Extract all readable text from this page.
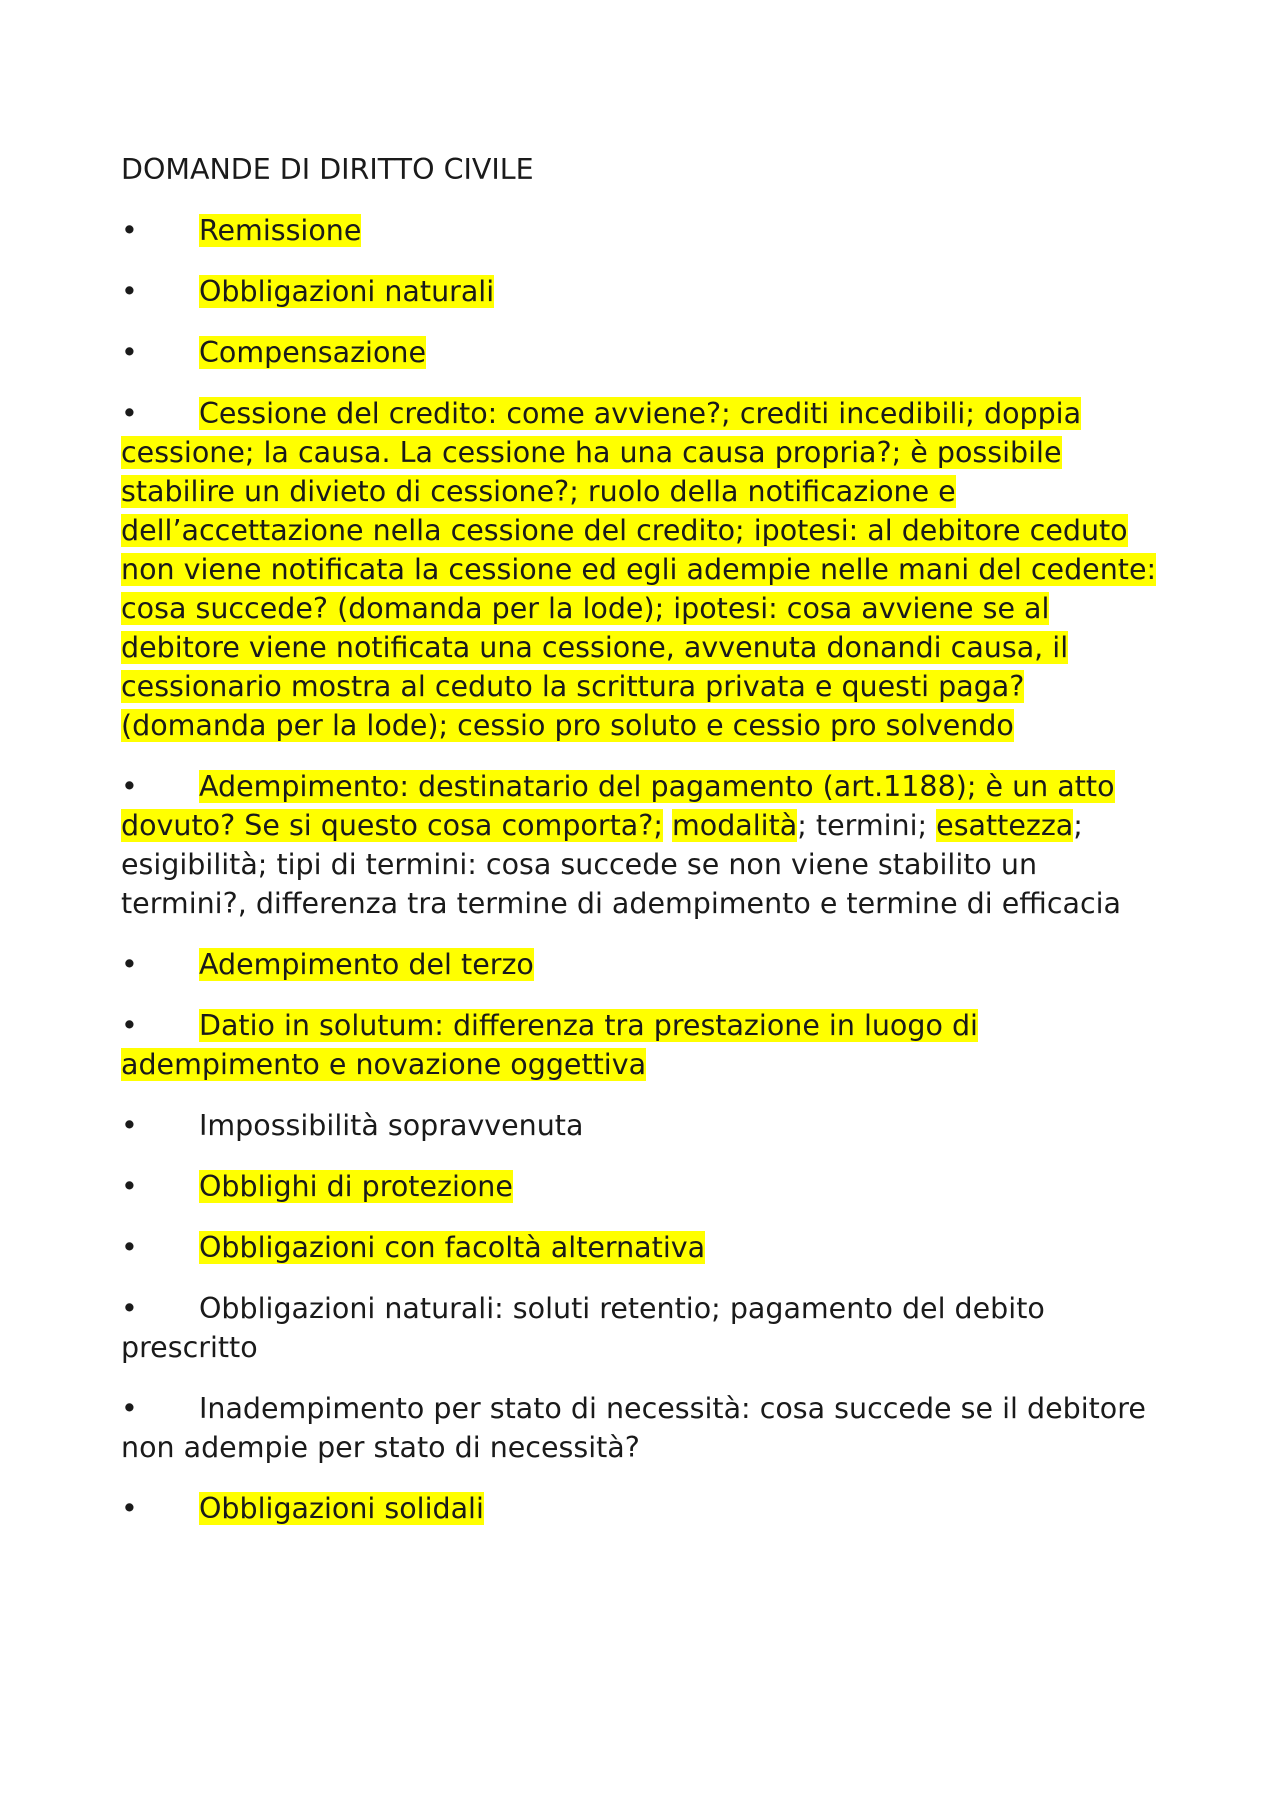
DOMANDE DI DIRITTO CIVILE

• Remissione

• Obbligazioni naturali

• Compensazione

• Cessione del credito: come avviene?; crediti incedibili; doppia cessione; la causa. La cessione ha una causa propria?; è possibile stabilire un divieto di cessione?; ruolo della notificazione e dell’accettazione nella cessione del credito; ipotesi: al debitore ceduto non viene notificata la cessione ed egli adempie nelle mani del cedente: cosa succede? (domanda per la lode); ipotesi: cosa avviene se al debitore viene notificata una cessione, avvenuta donandi causa, il cessionario mostra al ceduto la scrittura privata e questi paga? (domanda per la lode); cessio pro soluto e cessio pro solvendo

• Adempimento: destinatario del pagamento (art.1188); è un atto dovuto? Se si questo cosa comporta?; modalità; termini; esattezza; esigibilità; tipi di termini: cosa succede se non viene stabilito un termini?, differenza tra termine di adempimento e termine di efficacia

• Adempimento del terzo

• Datio in solutum: differenza tra prestazione in luogo di adempimento e novazione oggettiva

• Impossibilità sopravvenuta

• Obblighi di protezione

• Obbligazioni con facoltà alternativa

• Obbligazioni naturali: soluti retentio; pagamento del debito prescritto

• Inadempimento per stato di necessità: cosa succede se il debitore non adempie per stato di necessità?

• Obbligazioni solidali
